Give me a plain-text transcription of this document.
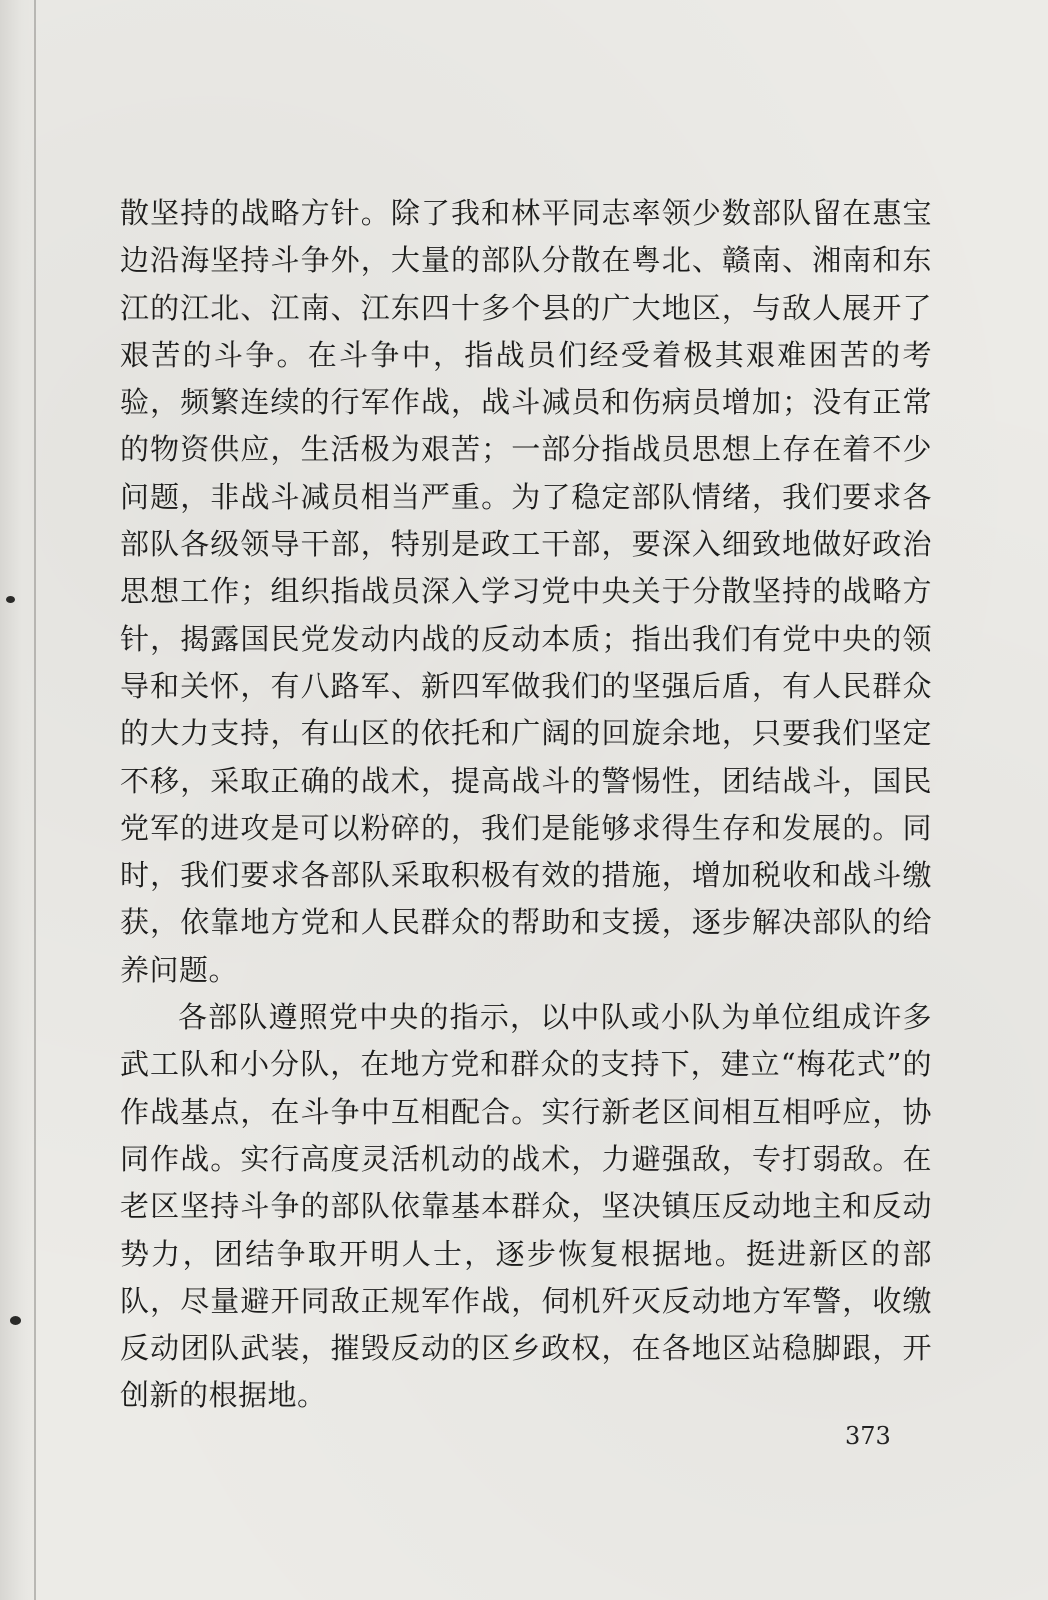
散坚持的战略方针。除了我和林平同志率领少数部队留在惠宝边沿海坚持斗争外，大量的部队分散在粤北、赣南、湘南和东江的江北、江南、江东四十多个县的广大地区，与敌人展开了艰苦的斗争。在斗争中，指战员们经受着极其艰难困苦的考验，频繁连续的行军作战，战斗减员和伤病员增加；没有正常的物资供应，生活极为艰苦；一部分指战员思想上存在着不少问题，非战斗减员相当严重。为了稳定部队情绪，我们要求各部队各级领导干部，特别是政工干部，要深入细致地做好政治思想工作；组织指战员深入学习党中央关于分散坚持的战略方针，揭露国民党发动内战的反动本质；指出我们有党中央的领导和关怀，有八路军、新四军做我们的坚强后盾，有人民群众的大力支持，有山区的依托和广阔的回旋余地，只要我们坚定不移，采取正确的战术，提高战斗的警惕性，团结战斗，国民党军的进攻是可以粉碎的，我们是能够求得生存和发展的。同时，我们要求各部队采取积极有效的措施，增加税收和战斗缴获，依靠地方党和人民群众的帮助和支援，逐步解决部队的给养问题。

各部队遵照党中央的指示，以中队或小队为单位组成许多武工队和小分队，在地方党和群众的支持下，建立“梅花式”的作战基点，在斗争中互相配合。实行新老区间相互相呼应，协同作战。实行高度灵活机动的战术，力避强敌，专打弱敌。在老区坚持斗争的部队依靠基本群众，坚决镇压反动地主和反动势力，团结争取开明人士，逐步恢复根据地。挺进新区的部队，尽量避开同敌正规军作战，伺机歼灭反动地方军警，收缴反动团队武装，摧毁反动的区乡政权，在各地区站稳脚跟，开创新的根据地。

373
